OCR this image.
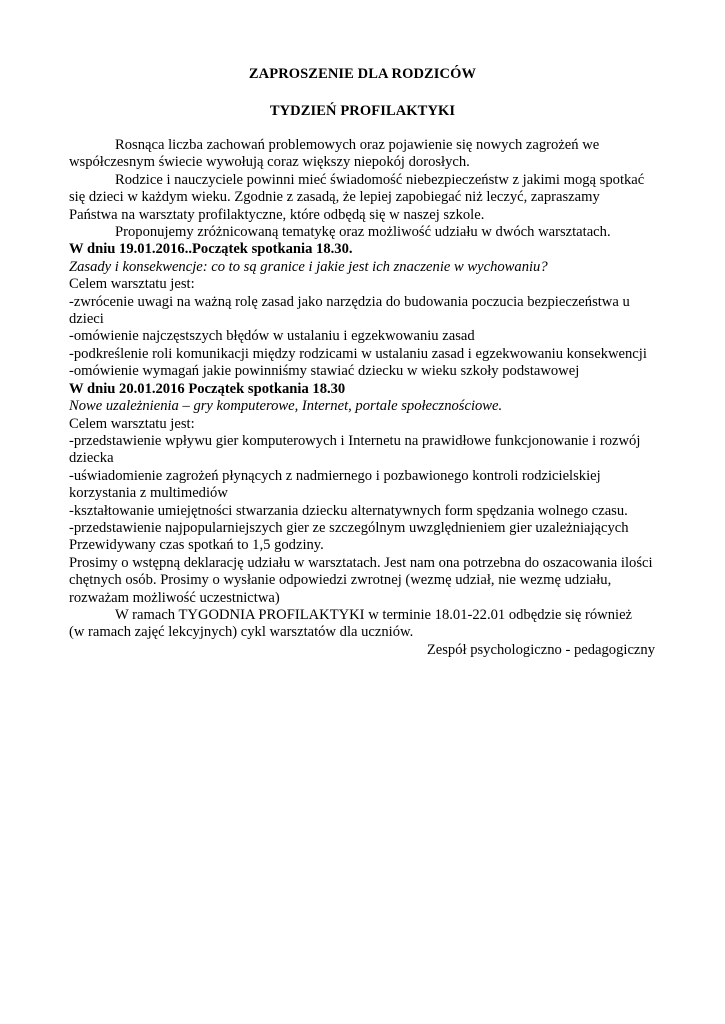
ZAPROSZENIE DLA RODZICÓW
TYDZIEŃ PROFILAKTYKI
Rosnąca liczba zachowań problemowych oraz pojawienie się nowych zagrożeń we
współczesnym świecie wywołują coraz większy niepokój dorosłych.
Rodzice i nauczyciele powinni mieć świadomość niebezpieczeństw z jakimi mogą spotkać
się dzieci w każdym wieku. Zgodnie z zasadą, że lepiej zapobiegać niż leczyć, zapraszamy
Państwa na warsztaty profilaktyczne, które odbędą się w naszej szkole.
Proponujemy zróżnicowaną tematykę oraz możliwość udziału w dwóch warsztatach.
W dniu 19.01.2016..Początek spotkania 18.30.
Zasady i konsekwencje: co to są granice i jakie jest ich znaczenie w wychowaniu?
Celem warsztatu jest:
-zwrócenie uwagi na ważną rolę zasad jako narzędzia do budowania poczucia bezpieczeństwa u
dzieci
-omówienie najczęstszych błędów w ustalaniu i egzekwowaniu zasad
-podkreślenie roli komunikacji między rodzicami w ustalaniu zasad i egzekwowaniu konsekwencji
-omówienie wymagań jakie powinniśmy stawiać dziecku w wieku szkoły podstawowej
W dniu 20.01.2016 Początek spotkania 18.30
Nowe uzależnienia – gry komputerowe, Internet, portale społecznościowe.
Celem warsztatu jest:
-przedstawienie wpływu gier komputerowych i Internetu na prawidłowe funkcjonowanie i rozwój
dziecka
-uświadomienie zagrożeń płynących z nadmiernego i pozbawionego kontroli rodzicielskiej
korzystania z multimediów
-kształtowanie umiejętności stwarzania dziecku alternatywnych form spędzania wolnego czasu.
-przedstawienie najpopularniejszych gier ze szczególnym uwzględnieniem gier uzależniających
Przewidywany czas spotkań to 1,5 godziny.
Prosimy o wstępną deklarację udziału w warsztatach. Jest nam ona potrzebna do oszacowania ilości
chętnych osób. Prosimy o wysłanie odpowiedzi zwrotnej (wezmę udział, nie wezmę udziału,
rozważam możliwość uczestnictwa)
W ramach TYGODNIA PROFILAKTYKI w terminie 18.01-22.01 odbędzie się również
(w ramach zajęć lekcyjnych) cykl warsztatów dla uczniów.
Zespół psychologiczno - pedagogiczny
